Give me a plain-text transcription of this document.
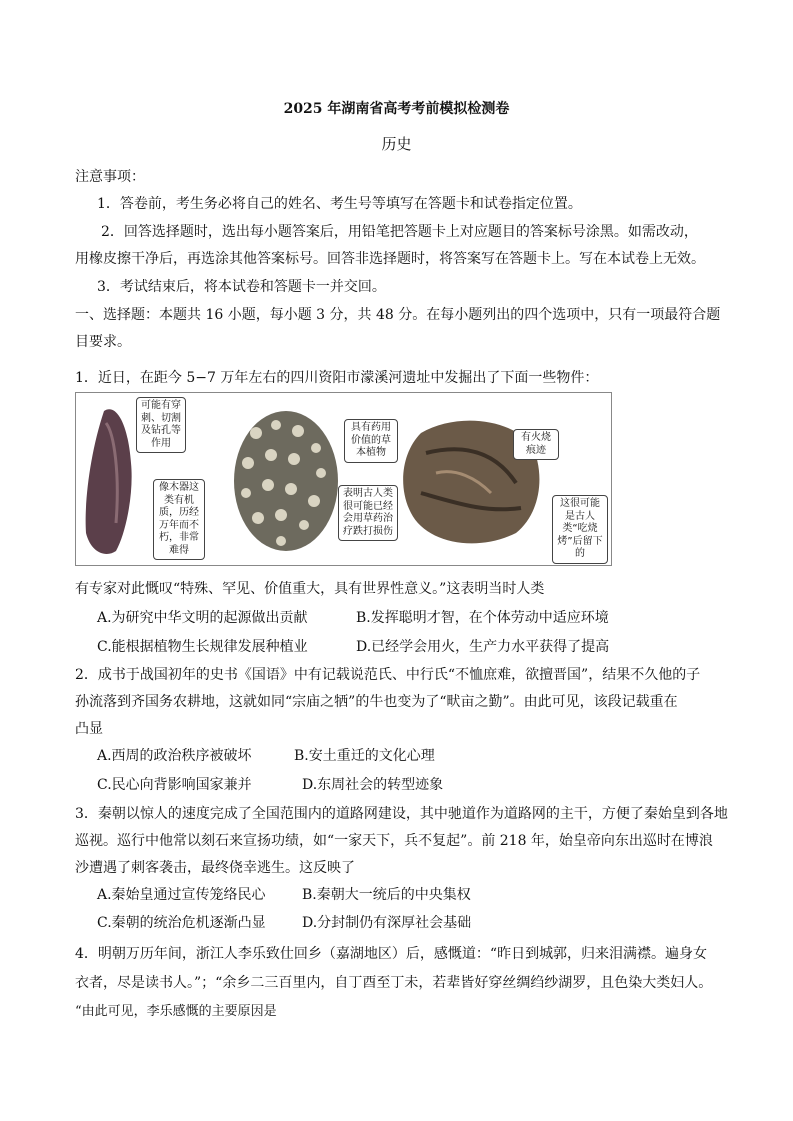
2025 年湖南省高考考前模拟检测卷
历史
注意事项：
1．答卷前，考生务必将自己的姓名、考生号等填写在答题卡和试卷指定位置。
2．回答选择题时，选出每小题答案后，用铅笔把答题卡上对应题目的答案标号涂黑。如需改动，
用橡皮擦干净后，再选涂其他答案标号。回答非选择题时，将答案写在答题卡上。写在本试卷上无效。
3．考试结束后，将本试卷和答题卡一并交回。
一、选择题：本题共 16 小题，每小题 3 分，共 48 分。在每小题列出的四个选项中，只有一项最符合题
目要求。
1．近日，在距今 5−7 万年左右的四川资阳市濛溪河遗址中发掘出了下面一些物件：
可能有穿刺、切割及钻孔等作用
像木器这类有机质，历经万年而不朽，非常难得
具有药用价值的草本植物
表明古人类很可能已经会用草药治疗跌打损伤
有火烧痕迹
这很可能是古人类“吃烧烤”后留下的
有专家对此慨叹“特殊、罕见、价值重大，具有世界性意义。”这表明当时人类
A.为研究中华文明的起源做出贡献	B.发挥聪明才智，在个体劳动中适应环境
C.能根据植物生长规律发展种植业	D.已经学会用火，生产力水平获得了提高
2．成书于战国初年的史书《国语》中有记载说范氏、中行氏“不恤庶难，欲擅晋国”，结果不久他的子
孙流落到齐国务农耕地，这就如同“宗庙之牺”的牛也变为了“畎亩之勤”。由此可见，该段记载重在
凸显
A.西周的政治秩序被破坏	B.安土重迁的文化心理
C.民心向背影响国家兼并	D.东周社会的转型迹象
3．秦朝以惊人的速度完成了全国范围内的道路网建设，其中驰道作为道路网的主干，方便了秦始皇到各地
巡视。巡行中他常以刻石来宣扬功绩，如“一家天下，兵不复起”。前 218 年，始皇帝向东出巡时在博浪
沙遭遇了刺客袭击，最终侥幸逃生。这反映了
A.秦始皇通过宣传笼络民心	B.秦朝大一统后的中央集权
C.秦朝的统治危机逐渐凸显	D.分封制仍有深厚社会基础
4．明朝万历年间，浙江人李乐致仕回乡（嘉湖地区）后，感慨道：“昨日到城郭，归来泪满襟。遍身女
衣者，尽是读书人。”；“余乡二三百里内，自丁酉至丁未，若辈皆好穿丝绸绉纱湖罗，且色染大类妇人。
“由此可见，李乐感慨的主要原因是
